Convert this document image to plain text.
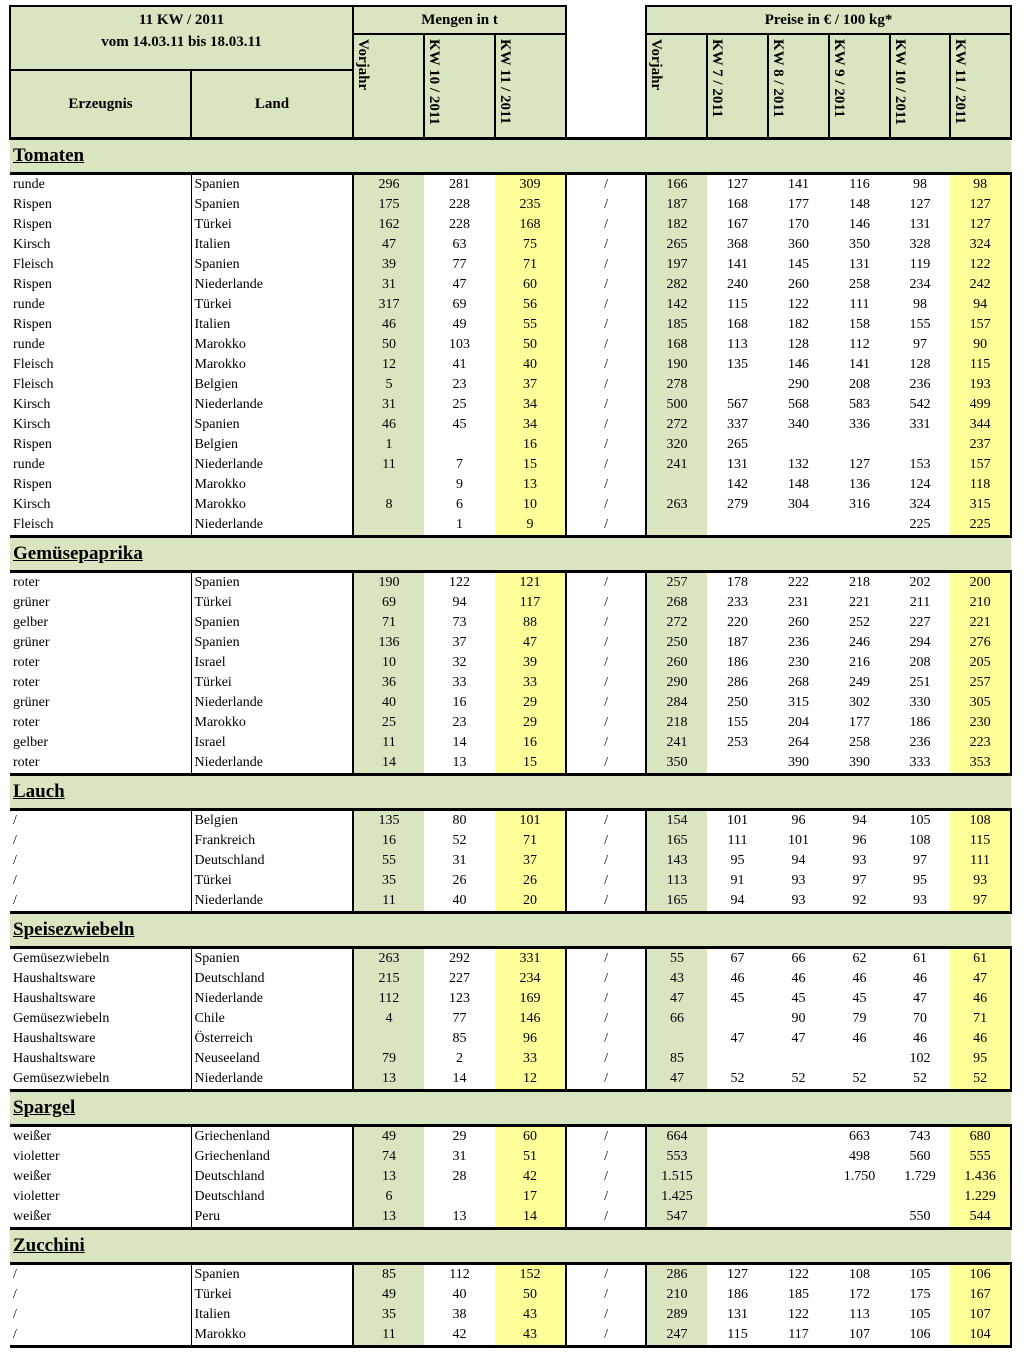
11 KW / 2011		Mengen in t				Preise in € / 100 kg*					
vom 14.03.11 bis 18.03.11		Vorjahr	KW 10 / 2011	KW 11 / 2011		Vorjahr	KW 7 / 2011	KW 8 / 2011	KW 9 / 2011	KW 10 / 2011	KW 11 / 2011

Erzeugnis	Land										
Tomaten											
runde	Spanien	296	281	309	/	166	127	141	116	98	98
Rispen	Spanien	175	228	235	/	187	168	177	148	127	127
Rispen	Türkei	162	228	168	/	182	167	170	146	131	127
Kirsch	Italien	47	63	75	/	265	368	360	350	328	324
Fleisch	Spanien	39	77	71	/	197	141	145	131	119	122
Rispen	Niederlande	31	47	60	/	282	240	260	258	234	242
runde	Türkei	317	69	56	/	142	115	122	111	98	94
Rispen	Italien	46	49	55	/	185	168	182	158	155	157
runde	Marokko	50	103	50	/	168	113	128	112	97	90
Fleisch	Marokko	12	41	40	/	190	135	146	141	128	115
Fleisch	Belgien	5	23	37	/	278		290	208	236	193
Kirsch	Niederlande	31	25	34	/	500	567	568	583	542	499
Kirsch	Spanien	46	45	34	/	272	337	340	336	331	344
Rispen	Belgien	1		16	/	320	265				237
runde	Niederlande	11	7	15	/	241	131	132	127	153	157
Rispen	Marokko		9	13	/		142	148	136	124	118
Kirsch	Marokko	8	6	10	/	263	279	304	316	324	315
Fleisch	Niederlande		1	9	/					225	225
Gemüsepaprika											
roter	Spanien	190	122	121	/	257	178	222	218	202	200
grüner	Türkei	69	94	117	/	268	233	231	221	211	210
gelber	Spanien	71	73	88	/	272	220	260	252	227	221
grüner	Spanien	136	37	47	/	250	187	236	246	294	276
roter	Israel	10	32	39	/	260	186	230	216	208	205
roter	Türkei	36	33	33	/	290	286	268	249	251	257
grüner	Niederlande	40	16	29	/	284	250	315	302	330	305
roter	Marokko	25	23	29	/	218	155	204	177	186	230
gelber	Israel	11	14	16	/	241	253	264	258	236	223
roter	Niederlande	14	13	15	/	350		390	390	333	353
Lauch											
/	Belgien	135	80	101	/	154	101	96	94	105	108
/	Frankreich	16	52	71	/	165	111	101	96	108	115
/	Deutschland	55	31	37	/	143	95	94	93	97	111
/	Türkei	35	26	26	/	113	91	93	97	95	93
/	Niederlande	11	40	20	/	165	94	93	92	93	97
Speisezwiebeln											
Gemüsezwiebeln	Spanien	263	292	331	/	55	67	66	62	61	61
Haushaltsware	Deutschland	215	227	234	/	43	46	46	46	46	47
Haushaltsware	Niederlande	112	123	169	/	47	45	45	45	47	46
Gemüsezwiebeln	Chile	4	77	146	/	66		90	79	70	71
Haushaltsware	Österreich		85	96	/		47	47	46	46	46
Haushaltsware	Neuseeland	79	2	33	/	85				102	95
Gemüsezwiebeln	Niederlande	13	14	12	/	47	52	52	52	52	52
Spargel											
weißer	Griechenland	49	29	60	/	664			663	743	680
violetter	Griechenland	74	31	51	/	553			498	560	555
weißer	Deutschland	13	28	42	/	1.515			1.750	1.729	1.436
violetter	Deutschland	6		17	/	1.425					1.229
weißer	Peru	13	13	14	/	547				550	544
Zucchini											
/	Spanien	85	112	152	/	286	127	122	108	105	106
/	Türkei	49	40	50	/	210	186	185	172	175	167
/	Italien	35	38	43	/	289	131	122	113	105	107
/	Marokko	11	42	43	/	247	115	117	107	106	104
